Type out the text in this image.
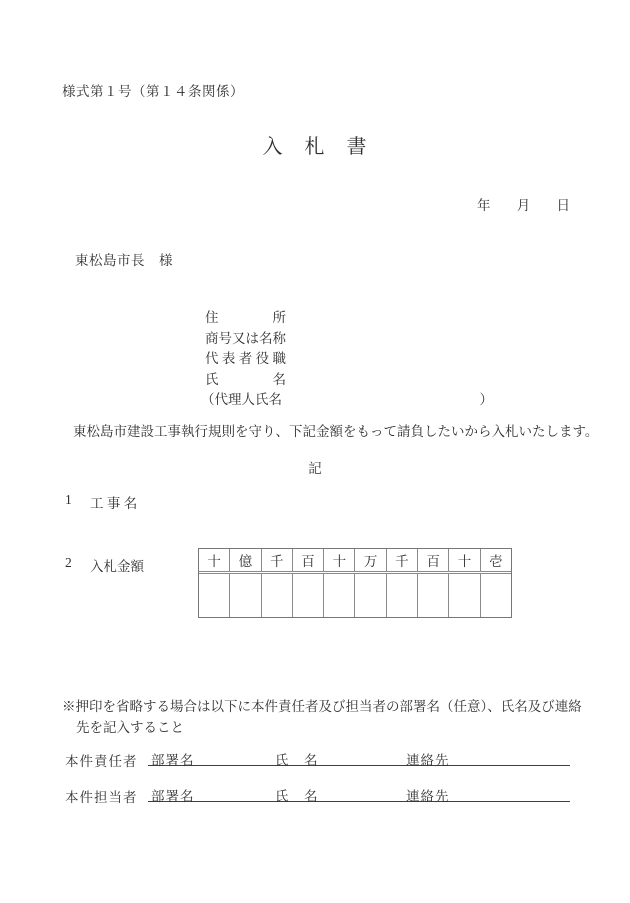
様式第１号（第１４条関係）
入　札　書
年 月 日
東松島市長　様
住	所
商号又は名称
代 表 者 役 職
氏	名
（代理人氏名	）
東松島市建設工事執行規則を守り、下記金額をもって請負したいから入札いたします。
記
1	工 事 名
2	入札金額	十	億	千	百	十	万	千	百	十	壱
※押印を省略する場合は以下に本件責任者及び担当者の部署名（任意）、氏名及び連絡
先を記入すること
本件責任者 部署名	氏　名	連絡先
本件担当者 部署名	氏　名	連絡先
